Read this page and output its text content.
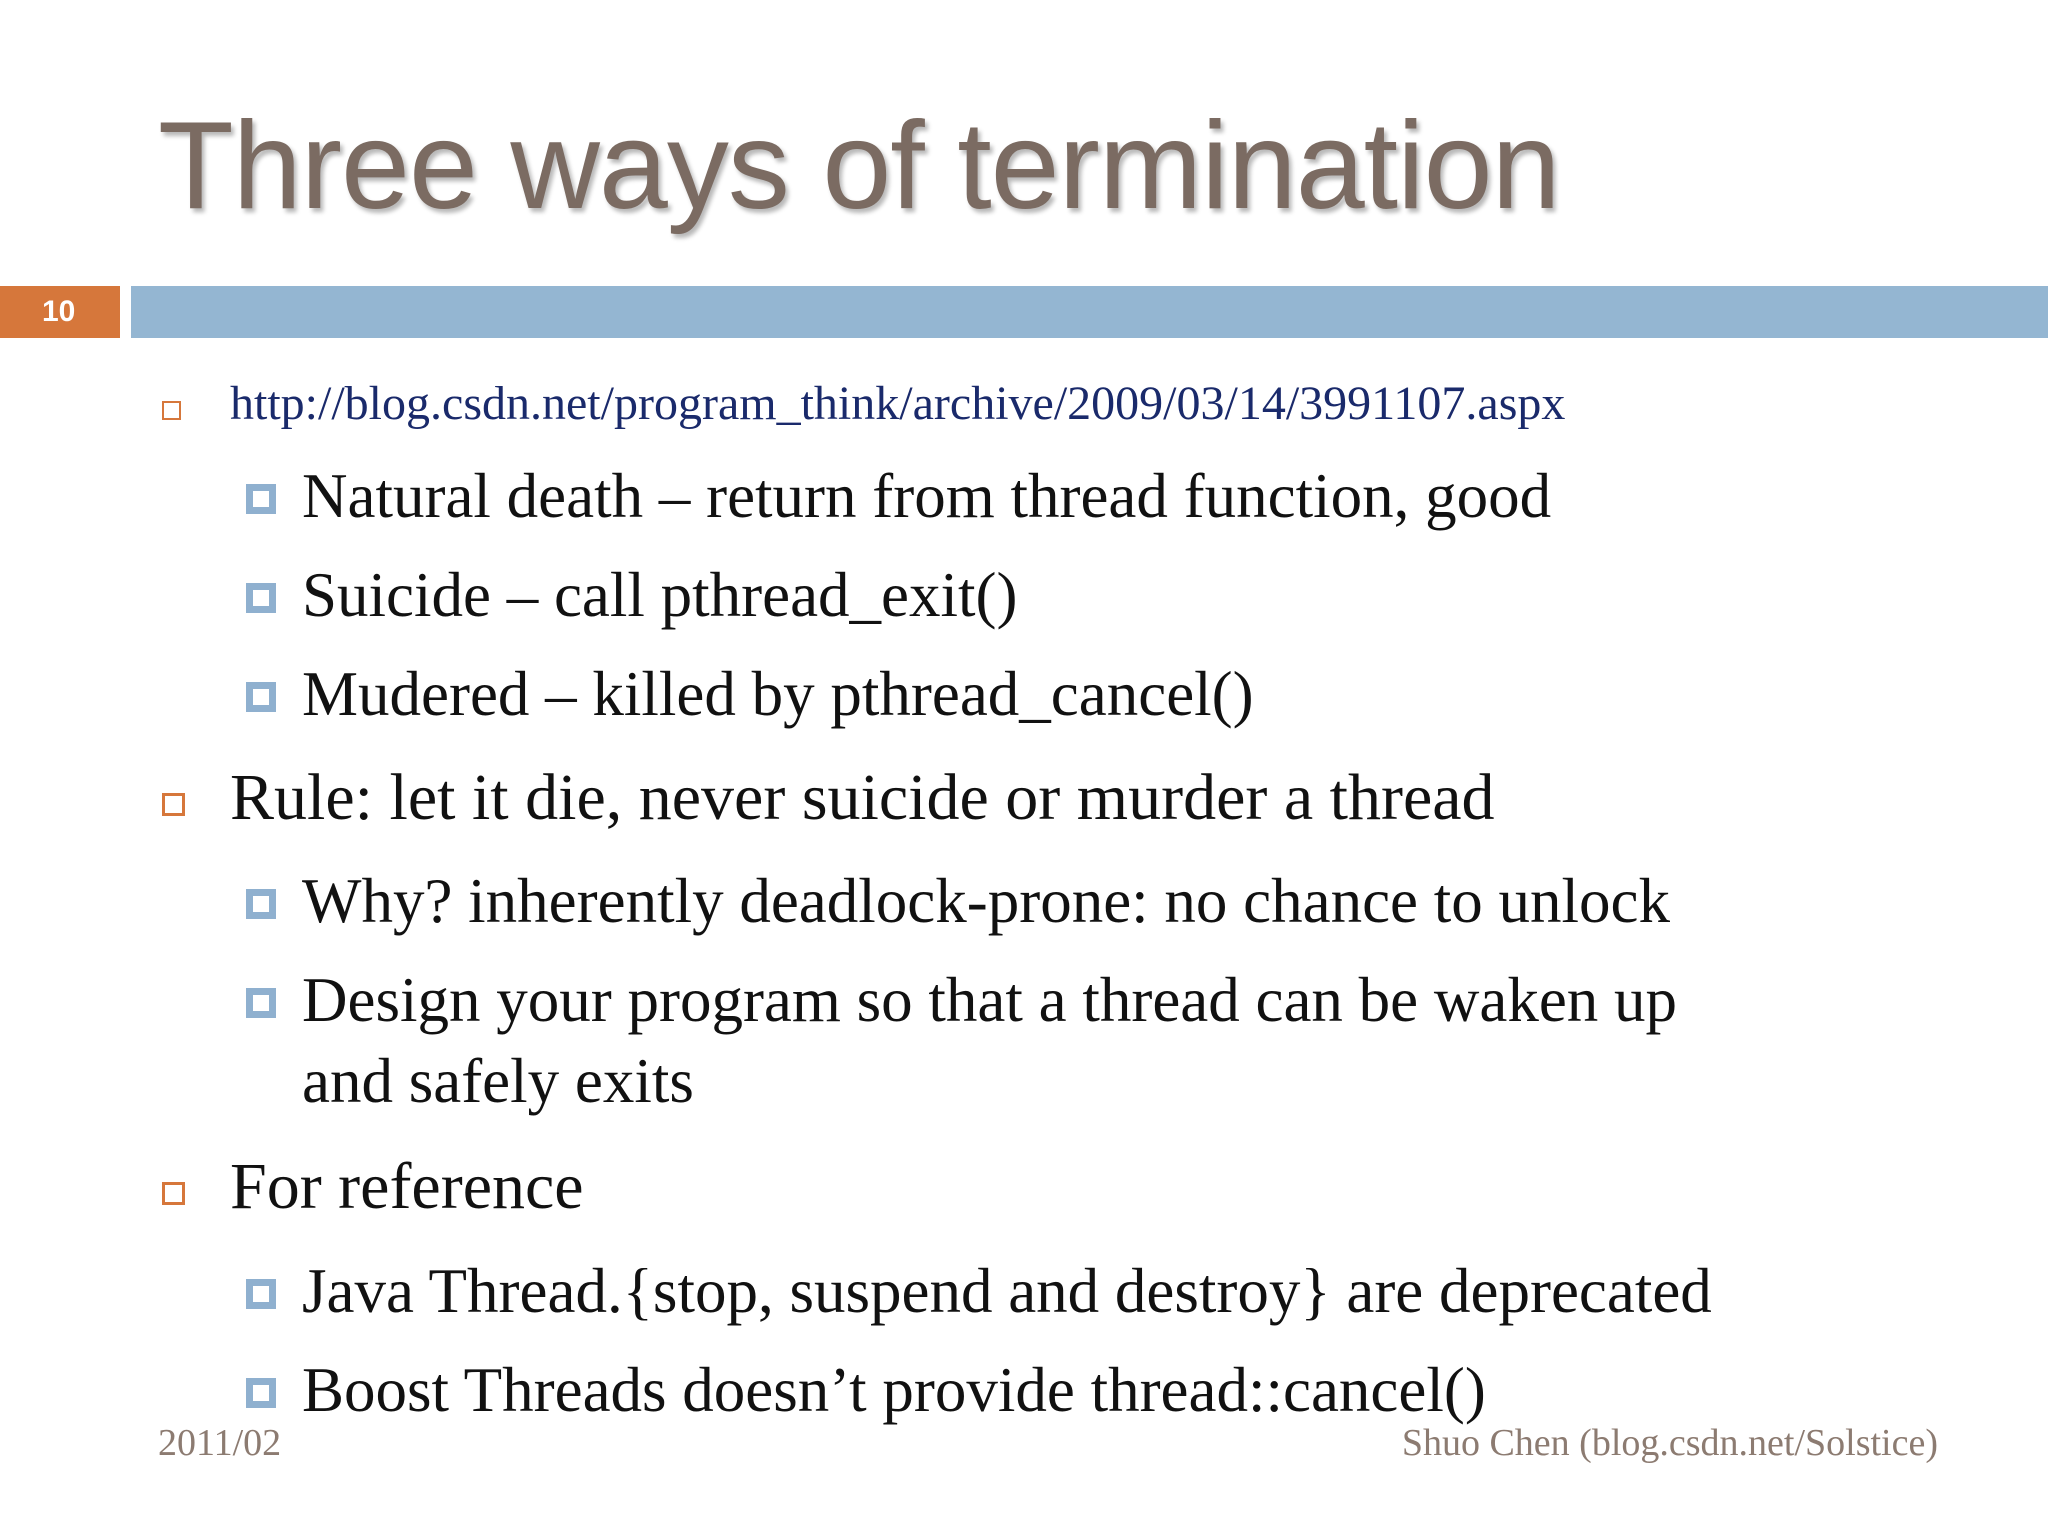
Three ways of termination
10
http://blog.csdn.net/program_think/archive/2009/03/14/3991107.aspx
Natural death – return from thread function, good
Suicide – call pthread_exit()
Mudered – killed by pthread_cancel()
Rule: let it die, never suicide or murder a thread
Why? inherently deadlock-prone: no chance to unlock
Design your program so that a thread can be waken up
and safely exits
For reference
Java Thread.{stop, suspend and destroy} are deprecated
Boost Threads doesn’t provide thread::cancel()
2011/02	Shuo Chen (blog.csdn.net/Solstice)
